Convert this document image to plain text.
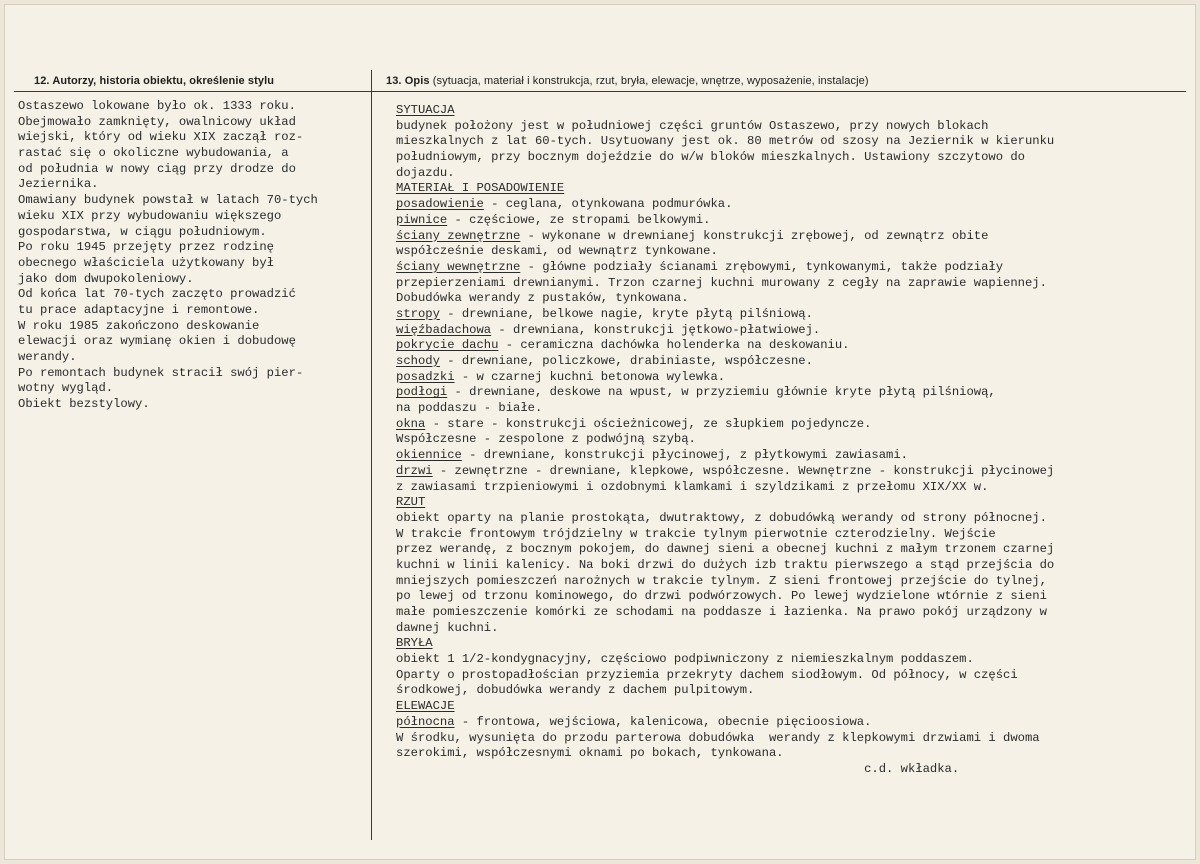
12. Autorzy, historia obiektu, określenie stylu	13. Opis (sytuacja, materiał i konstrukcja, rzut, bryła, elewacje, wnętrze, wyposażenie, instalacje)
Ostaszewo lokowane było ok. 1333 roku.
Obejmowało zamknięty, owalnicowy układ
wiejski, który od wieku XIX zaczął roz-
rastać się o okoliczne wybudowania, a
od południa w nowy ciąg przy drodze do
Jeziernika.
Omawiany budynek powstał w latach 70-tych
wieku XIX przy wybudowaniu większego
gospodarstwa, w ciągu południowym.
Po roku 1945 przejęty przez rodzinę
obecnego właściciela użytkowany był
jako dom dwupokoleniowy.
Od końca lat 70-tych zaczęto prowadzić
tu prace adaptacyjne i remontowe.
W roku 1985 zakończono deskowanie
elewacji oraz wymianę okien i dobudowę
werandy.
Po remontach budynek stracił swój pier-
wotny wygląd.
Obiekt bezstylowy.
SYTUACJA
budynek położony jest w południowej części gruntów Ostaszewo, przy nowych blokach
mieszkalnych z lat 60-tych. Usytuowany jest ok. 80 metrów od szosy na Jeziernik w kierunku
południowym, przy bocznym dojeździe do w/w bloków mieszkalnych. Ustawiony szczytowo do
dojazdu.
MATERIAŁ I POSADOWIENIE
posadowienie - ceglana, otynkowana podmurówka.
piwnice - częściowe, ze stropami belkowymi.
ściany zewnętrzne - wykonane w drewnianej konstrukcji zrębowej, od zewnątrz obite
współcześnie deskami, od wewnątrz tynkowane.
ściany wewnętrzne - główne podziały ścianami zrębowymi, tynkowanymi, także podziały
przepierzeniami drewnianymi. Trzon czarnej kuchni murowany z cegły na zaprawie wapiennej.
Dobudówka werandy z pustaków, tynkowana.
stropy - drewniane, belkowe nagie, kryte płytą pilśniową.
więźbadachowa - drewniana, konstrukcji jętkowo-płatwiowej.
pokrycie dachu - ceramiczna dachówka holenderka na deskowaniu.
schody - drewniane, policzkowe, drabiniaste, współczesne.
posadzki - w czarnej kuchni betonowa wylewka.
podłogi - drewniane, deskowe na wpust, w przyziemiu głównie kryte płytą pilśniową,
na poddaszu - białe.
okna - stare - konstrukcji ościeżnicowej, ze słupkiem pojedyncze.
Współczesne - zespolone z podwójną szybą.
okiennice - drewniane, konstrukcji płycinowej, z płytkowymi zawiasami.
drzwi - zewnętrzne - drewniane, klepkowe, współczesne. Wewnętrzne - konstrukcji płycinowej
z zawiasami trzpieniowymi i ozdobnymi klamkami i szyldzikami z przełomu XIX/XX w.
RZUT
obiekt oparty na planie prostokąta, dwutraktowy, z dobudówką werandy od strony północnej.
W trakcie frontowym trójdzielny w trakcie tylnym pierwotnie czterodzielny. Wejście
przez werandę, z bocznym pokojem, do dawnej sieni a obecnej kuchni z małym trzonem czarnej
kuchni w linii kalenicy. Na boki drzwi do dużych izb traktu pierwszego a stąd przejścia do
mniejszych pomieszczeń narożnych w trakcie tylnym. Z sieni frontowej przejście do tylnej,
po lewej od trzonu kominowego, do drzwi podwórzowych. Po lewej wydzielone wtórnie z sieni
małe pomieszczenie komórki ze schodami na poddasze i łazienka. Na prawo pokój urządzony w
dawnej kuchni.
BRYŁA
obiekt 1 1/2-kondygnacyjny, częściowo podpiwniczony z niemieszkalnym poddaszem.
Oparty o prostopadłościan przyziemia przekryty dachem siodłowym. Od północy, w części
środkowej, dobudówka werandy z dachem pulpitowym.
ELEWACJE
północna - frontowa, wejściowa, kalenicowa, obecnie pięcioosiowa.
W środku, wysunięta do przodu parterowa dobudówka  werandy z klepkowymi drzwiami i dwoma
szerokimi, współczesnymi oknami po bokach, tynkowana.
c.d. wkładka.
